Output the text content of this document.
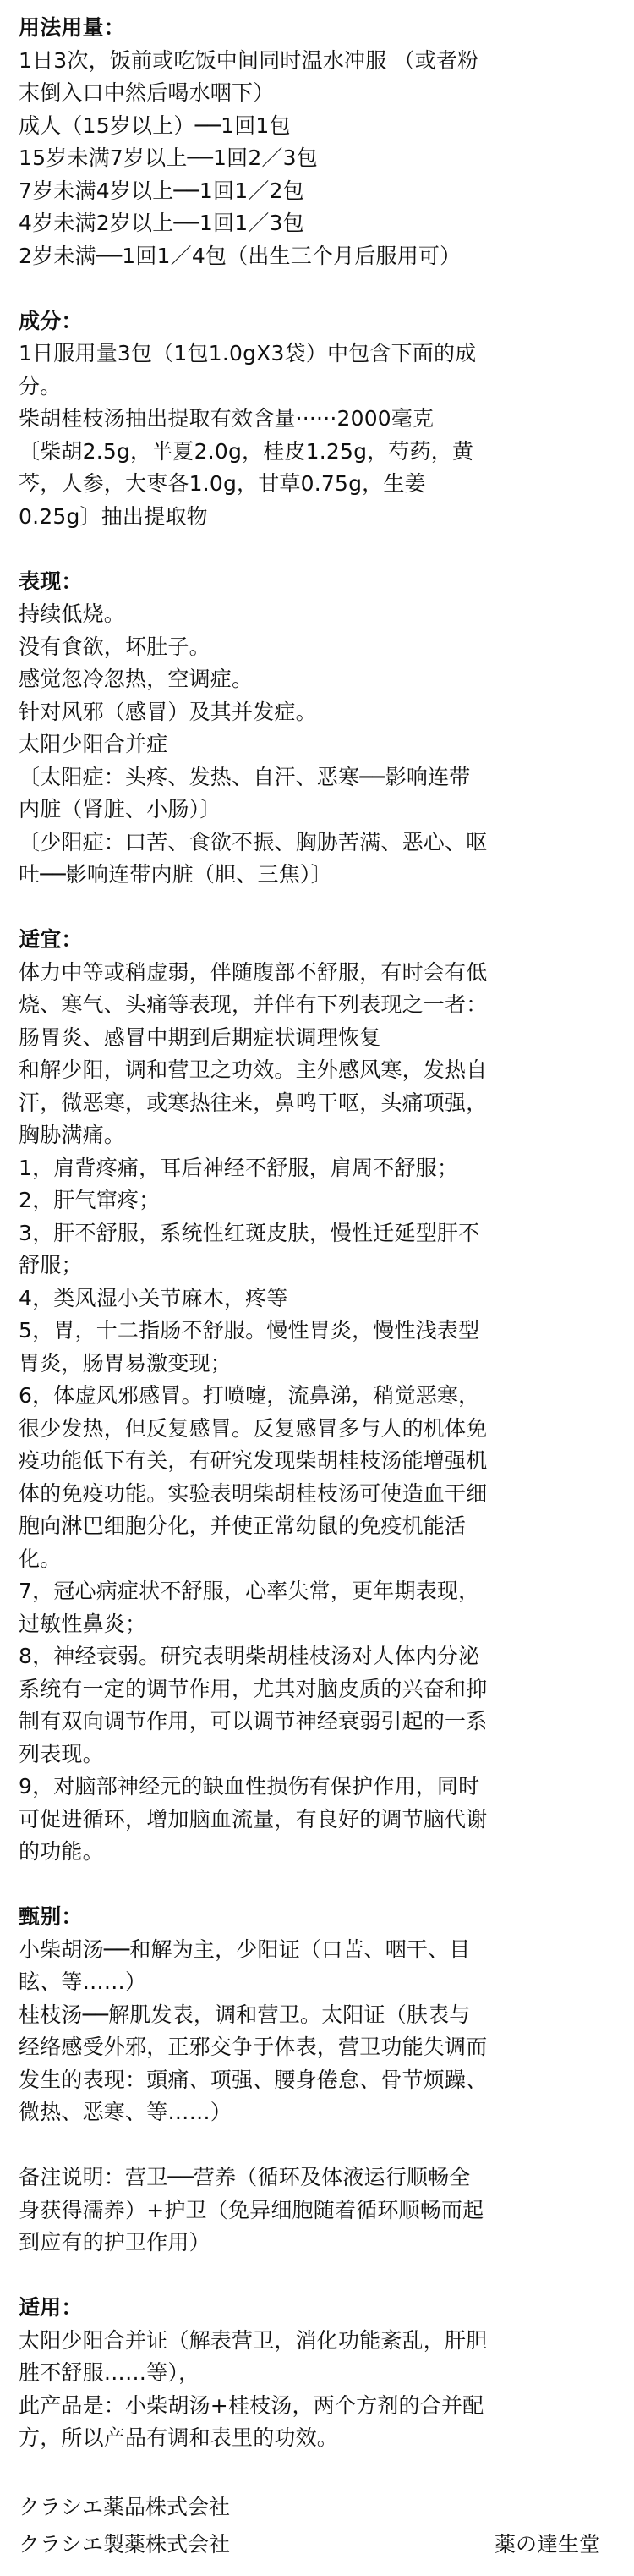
用法用量：
1日3次，饭前或吃饭中间同时温水冲服 （或者粉
末倒入口中然后喝水咽下）
成人（15岁以上）──1回1包
15岁未满7岁以上──1回2／3包
7岁未满4岁以上──1回1／2包
4岁未满2岁以上──1回1／3包
2岁未满──1回1／4包（出生三个月后服用可）
成分：
1日服用量3包（1包1.0gX3袋）中包含下面的成
分。
柴胡桂枝汤抽出提取有效含量······2000毫克
〔柴胡2.5g，半夏2.0g，桂皮1.25g，芍药，黄
芩，人参，大枣各1.0g，甘草0.75g，生姜
0.25g〕抽出提取物
表现：
持续低烧。
没有食欲，坏肚子。
感觉忽冷忽热，空调症。
针对风邪（感冒）及其并发症。
太阳少阳合并症
〔太阳症：头疼、发热、自汗、恶寒──影响连带
内脏（肾脏、小肠）〕
〔少阳症：口苦、食欲不振、胸胁苦满、恶心、呕
吐──影响连带内脏（胆、三焦）〕
适宜：
体力中等或稍虚弱，伴随腹部不舒服，有时会有低
烧、寒气、头痛等表现，并伴有下列表现之一者：
肠胃炎、感冒中期到后期症状调理恢复
和解少阳，调和营卫之功效。主外感风寒，发热自
汗，微恶寒，或寒热往来，鼻鸣干呕，头痛项强，
胸胁满痛。
1，肩背疼痛，耳后神经不舒服，肩周不舒服；
2，肝气窜疼；
3，肝不舒服，系统性红斑皮肤，慢性迁延型肝不
舒服；
4，类风湿小关节麻木，疼等
5，胃，十二指肠不舒服。慢性胃炎，慢性浅表型
胃炎，肠胃易激变现；
6，体虚风邪感冒。打喷嚏，流鼻涕，稍觉恶寒，
很少发热，但反复感冒。反复感冒多与人的机体免
疫功能低下有关，有研究发现柴胡桂枝汤能增强机
体的免疫功能。实验表明柴胡桂枝汤可使造血干细
胞向淋巴细胞分化，并使正常幼鼠的免疫机能活
化。
7，冠心病症状不舒服，心率失常，更年期表现，
过敏性鼻炎；
8，神经衰弱。研究表明柴胡桂枝汤对人体内分泌
系统有一定的调节作用，尤其对脑皮质的兴奋和抑
制有双向调节作用，可以调节神经衰弱引起的一系
列表现。
9，对脑部神经元的缺血性损伤有保护作用，同时
可促进循环，增加脑血流量，有良好的调节脑代谢
的功能。
甄别：
小柴胡汤──和解为主，少阳证（口苦、咽干、目
眩、等……）
桂枝汤──解肌发表，调和营卫。太阳证（肤表与
经络感受外邪，正邪交争于体表，营卫功能失调而
发生的表现：頭痛、项强、腰身倦怠、骨节烦躁、
微热、恶寒、等……）
备注说明：营卫──营养（循环及体液运行顺畅全
身获得濡养）+护卫（免异细胞随着循环顺畅而起
到应有的护卫作用）
适用：
太阳少阳合并证（解表营卫，消化功能紊乱，肝胆
胜不舒服……等），
此产品是：小柴胡汤+桂枝汤，两个方剂的合并配
方，所以产品有调和表里的功效。
クラシエ薬品株式会社
クラシエ製薬株式会社	薬の達生堂
